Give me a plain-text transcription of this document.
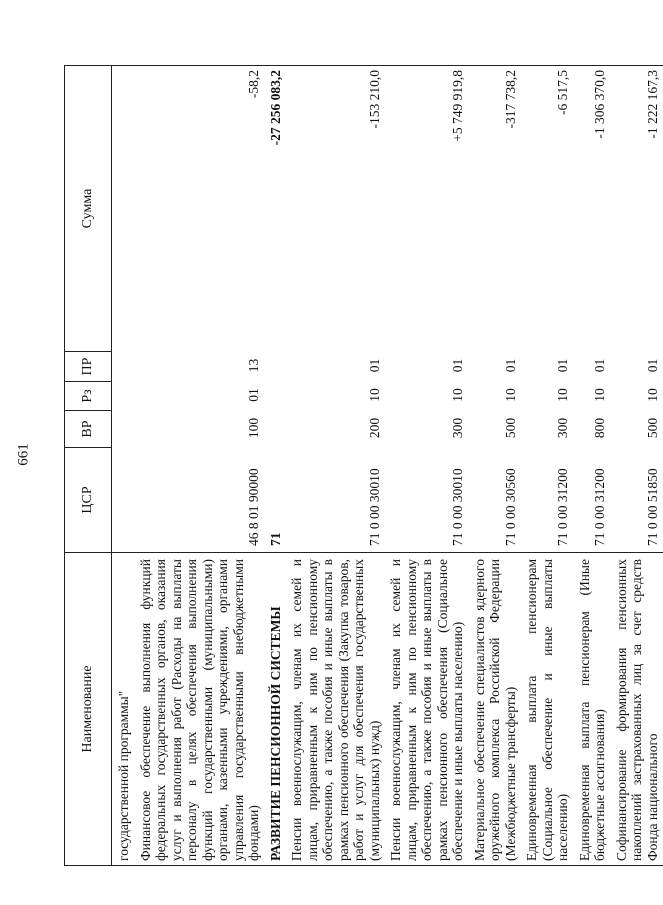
661
Наименование	ЦСР	ВР	Рз	ПР	Сумма
государственной программы"					
Финансовое обеспечение выполнения функций федеральных государственных органов, оказания услуг и выполнения работ (Расходы на выплаты персоналу в целях обеспечения выполнения функций государственными (муниципальными) органами, казенными учреждениями, органами управления государственными внебюджетными фондами)	46 8 01 90000	100	01	13	-58,2
РАЗВИТИЕ ПЕНСИОННОЙ СИСТЕМЫ	71				-27 256 083,2
Пенсии военнослужащим, членам их семей и лицам, приравненным к ним по пенсионному обеспечению, а также пособия и иные выплаты в рамках пенсионного обеспечения (Закупка товаров, работ и услуг для обеспечения государственных (муниципальных) нужд)	71 0 00 30010	200	10	01	-153 210,0
Пенсии военнослужащим, членам их семей и лицам, приравненным к ним по пенсионному обеспечению, а также пособия и иные выплаты в рамках пенсионного обеспечения (Социальное обеспечение и иные выплаты населению)	71 0 00 30010	300	10	01	+5 749 919,8
Материальное обеспечение специалистов ядерного оружейного комплекса Российской Федерации (Межбюджетные трансферты)	71 0 00 30560	500	10	01	-317 738,2
Единовременная выплата пенсионерам (Социальное обеспечение и иные выплаты населению)	71 0 00 31200	300	10	01	-6 517,5
Единовременная выплата пенсионерам (Иные бюджетные ассигнования)	71 0 00 31200	800	10	01	-1 306 370,0
Софинансирование формирования пенсионных накоплений застрахованных лиц за счет средств Фонда национального	71 0 00 51850	500	10	01	-1 222 167,3
